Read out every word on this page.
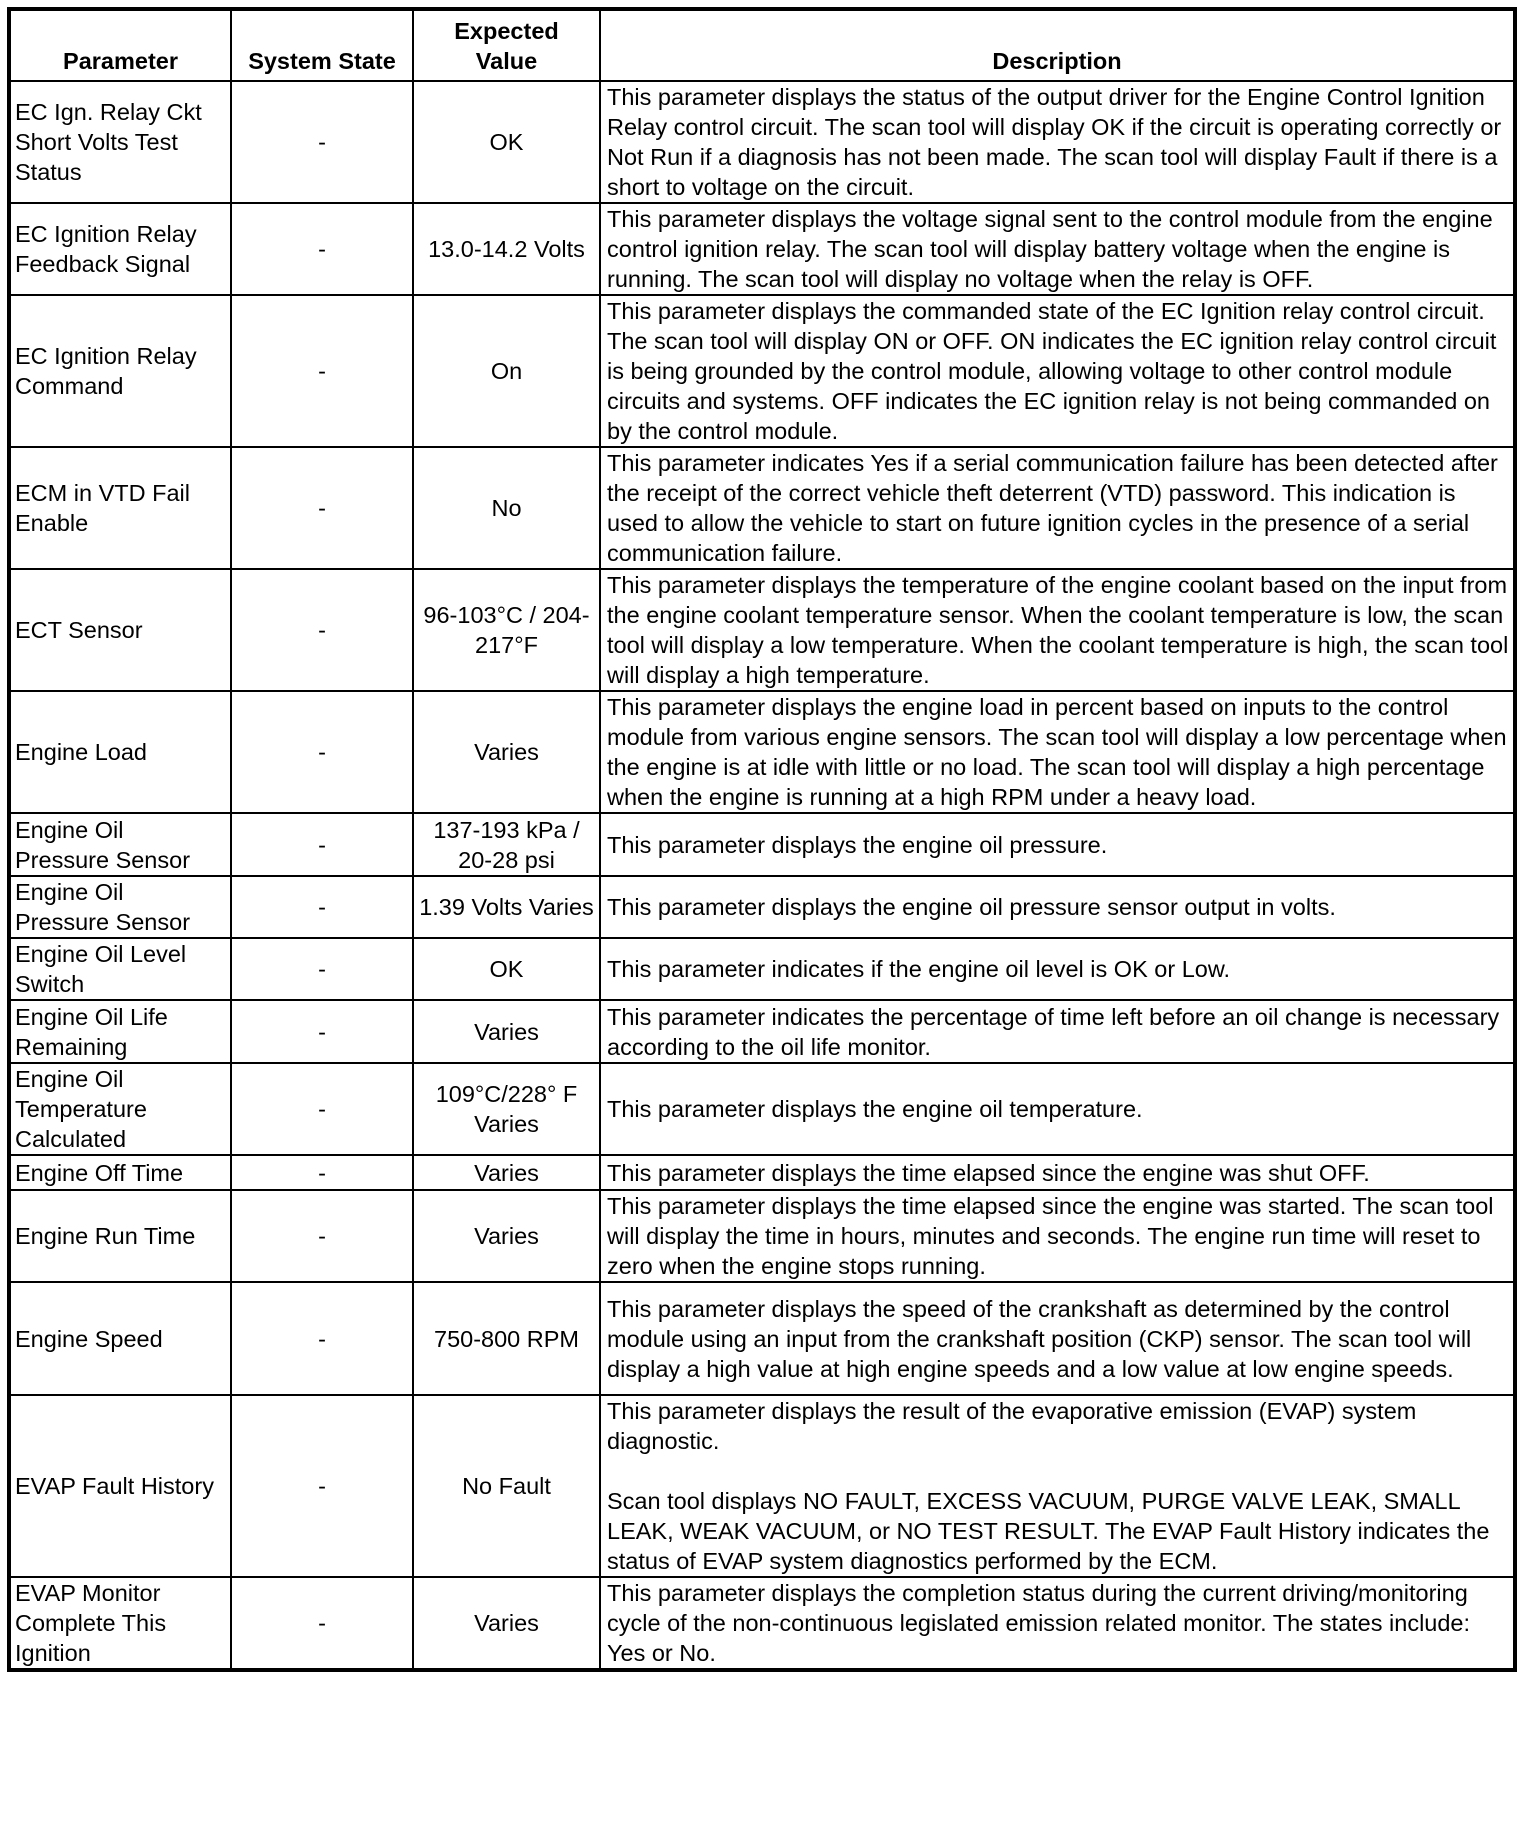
Parameter	System State	Expected Value	Description
EC Ign. Relay Ckt Short Volts Test Status	-	OK	This parameter displays the status of the output driver for the Engine Control Ignition Relay control circuit. The scan tool will display OK if the circuit is operating correctly or Not Run if a diagnosis has not been made. The scan tool will display Fault if there is a short to voltage on the circuit.

EC Ignition Relay Feedback Signal	-	13.0-14.2 Volts	This parameter displays the voltage signal sent to the control module from the engine control ignition relay. The scan tool will display battery voltage when the engine is running. The scan tool will display no voltage when the relay is OFF.

EC Ignition Relay Command	-	On	This parameter displays the commanded state of the EC Ignition relay control circuit. The scan tool will display ON or OFF. ON indicates the EC ignition relay control circuit is being grounded by the control module, allowing voltage to other control module circuits and systems. OFF indicates the EC ignition relay is not being commanded on by the control module.

ECM in VTD Fail Enable	-	No	This parameter indicates Yes if a serial communication failure has been detected after the receipt of the correct vehicle theft deterrent (VTD) password. This indication is used to allow the vehicle to start on future ignition cycles in the presence of a serial communication failure.

ECT Sensor	-	96-103°C / 204-217°F	This parameter displays the temperature of the engine coolant based on the input from the engine coolant temperature sensor. When the coolant temperature is low, the scan tool will display a low temperature. When the coolant temperature is high, the scan tool will display a high temperature.

Engine Load	-	Varies	This parameter displays the engine load in percent based on inputs to the control module from various engine sensors. The scan tool will display a low percentage when the engine is at idle with little or no load. The scan tool will display a high percentage when the engine is running at a high RPM under a heavy load.

Engine Oil Pressure Sensor	-	137-193 kPa / 20-28 psi	This parameter displays the engine oil pressure.

Engine Oil Pressure Sensor	-	1.39 Volts Varies	This parameter displays the engine oil pressure sensor output in volts.

Engine Oil Level Switch	-	OK	This parameter indicates if the engine oil level is OK or Low.

Engine Oil Life Remaining	-	Varies	This parameter indicates the percentage of time left before an oil change is necessary according to the oil life monitor.

Engine Oil Temperature Calculated	-	109°C/228° F Varies	This parameter displays the engine oil temperature.

Engine Off Time	-	Varies	This parameter displays the time elapsed since the engine was shut OFF.

Engine Run Time	-	Varies	This parameter displays the time elapsed since the engine was started. The scan tool will display the time in hours, minutes and seconds. The engine run time will reset to zero when the engine stops running.

Engine Speed	-	750-800 RPM	This parameter displays the speed of the crankshaft as determined by the control module using an input from the crankshaft position (CKP) sensor. The scan tool will display a high value at high engine speeds and a low value at low engine speeds.

EVAP Fault History	-	No Fault	This parameter displays the result of the evaporative emission (EVAP) system diagnostic.
Scan tool displays NO FAULT, EXCESS VACUUM, PURGE VALVE LEAK, SMALL LEAK, WEAK VACUUM, or NO TEST RESULT. The EVAP Fault History indicates the status of EVAP system diagnostics performed by the ECM.

EVAP Monitor Complete This Ignition	-	Varies	This parameter displays the completion status during the current driving/monitoring cycle of the non-continuous legislated emission related monitor. The states include: Yes or No.
